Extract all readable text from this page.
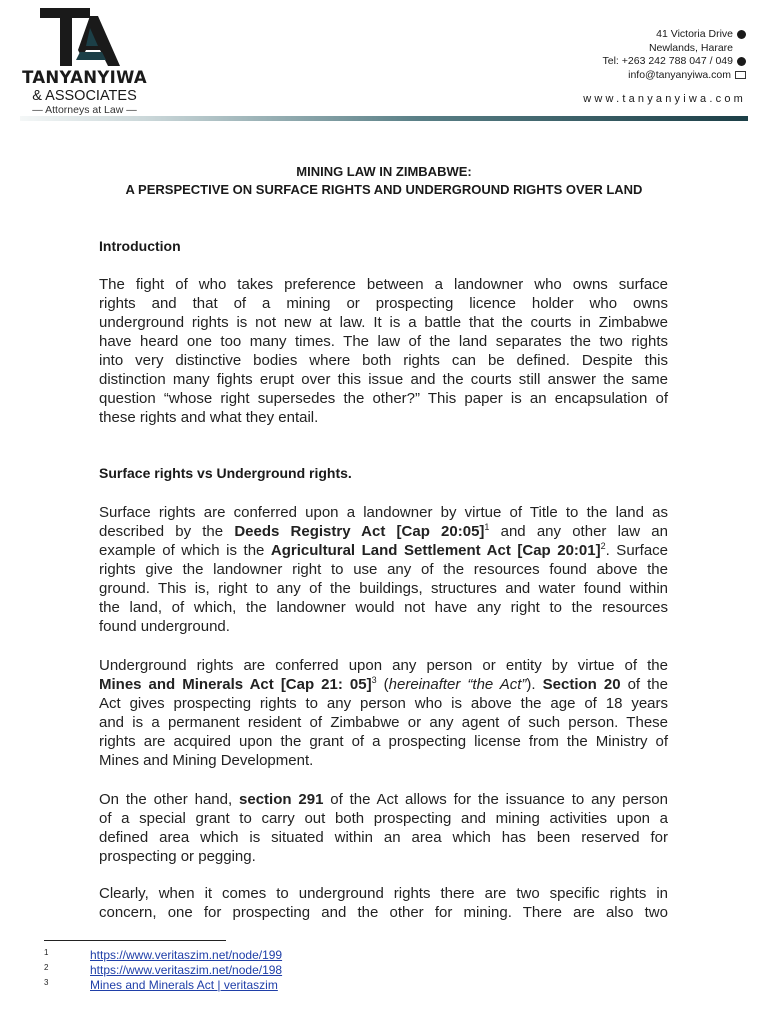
TANYANYIWA
& ASSOCIATES
— Attorneys at Law —
41 Victoria Drive
Newlands, Harare
Tel: +263 242 788 047 / 049
info@tanyanyiwa.com
www.tanyanyiwa.com
MINING LAW IN ZIMBABWE:
A PERSPECTIVE ON SURFACE RIGHTS AND UNDERGROUND RIGHTS OVER LAND
Introduction
The fight of who takes preference between a landowner who owns surface
rights and that of a mining or prospecting licence holder who owns
underground rights is not new at law. It is a battle that the courts in Zimbabwe
have heard one too many times. The law of the land separates the two rights
into very distinctive bodies where both rights can be defined. Despite this
distinction many fights erupt over this issue and the courts still answer the same
question “whose right supersedes the other?” This paper is an encapsulation of
these rights and what they entail.
Surface rights vs Underground rights.
Surface rights are conferred upon a landowner by virtue of Title to the land as
described by the Deeds Registry Act [Cap 20:05]$^1$ and any other law an
example of which is the Agricultural Land Settlement Act [Cap 20:01]$^2$. Surface
rights give the landowner right to use any of the resources found above the
ground. This is, right to any of the buildings, structures and water found within
the land, of which, the landowner would not have any right to the resources
found underground.
Underground rights are conferred upon any person or entity by virtue of the
Mines and Minerals Act [Cap 21: 05]$^3$ (hereinafter “the Act”). Section 20 of the
Act gives prospecting rights to any person who is above the age of 18 years
and is a permanent resident of Zimbabwe or any agent of such person. These
rights are acquired upon the grant of a prospecting license from the Ministry of
Mines and Mining Development.
On the other hand, section 291 of the Act allows for the issuance to any person
of a special grant to carry out both prospecting and mining activities upon a
defined area which is situated within an area which has been reserved for
prospecting or pegging.
Clearly, when it comes to underground rights there are two specific rights in
concern, one for prospecting and the other for mining. There are also two
1	https://www.veritaszim.net/node/199
2	https://www.veritaszim.net/node/198
3	Mines and Minerals Act | veritaszim
